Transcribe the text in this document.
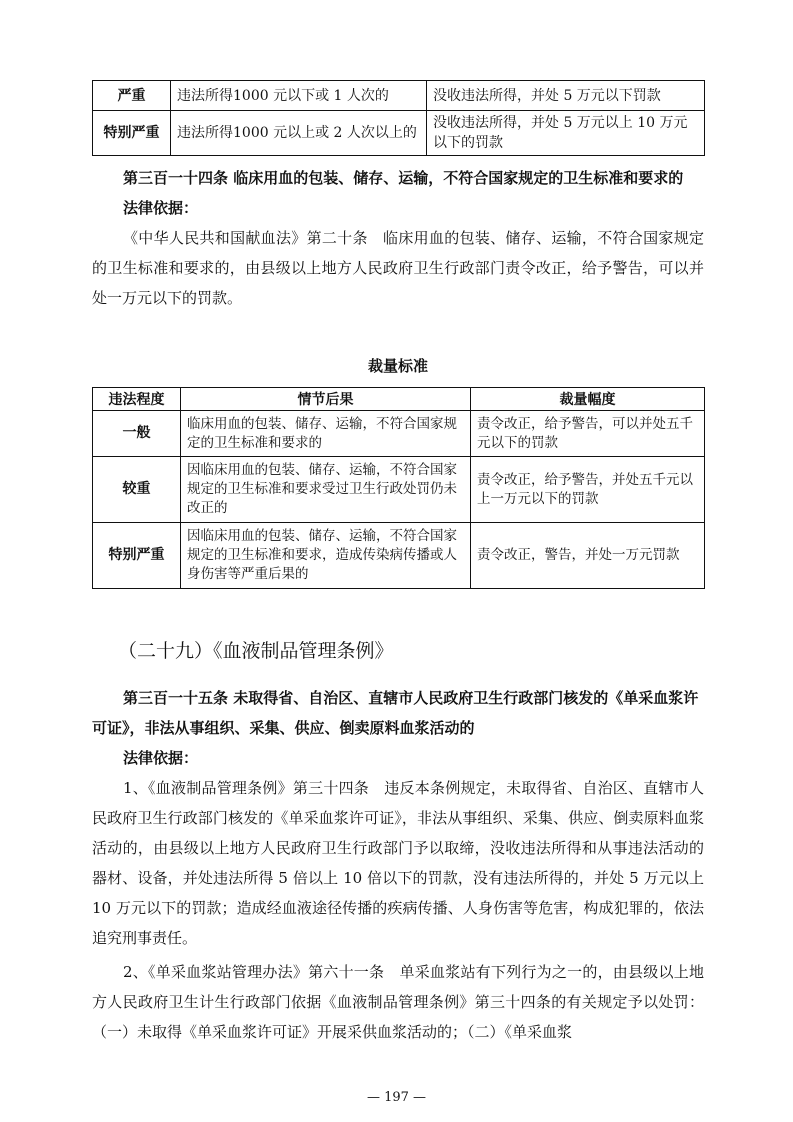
严重	违法所得1000 元以下或 1 人次的	没收违法所得，并处 5 万元以下罚款
特别严重	违法所得1000 元以上或 2 人次以上的	没收违法所得，并处 5 万元以上 10 万元以下的罚款
第三百一十四条 临床用血的包装、储存、运输，不符合国家规定的卫生标准和要求的
法律依据：
《中华人民共和国献血法》第二十条　临床用血的包装、储存、运输，不符合国家规定的卫生标准和要求的，由县级以上地方人民政府卫生行政部门责令改正，给予警告，可以并处一万元以下的罚款。
裁量标准
违法程度	情节后果	裁量幅度
一般	临床用血的包装、储存、运输，不符合国家规定的卫生标准和要求的	责令改正，给予警告，可以并处五千元以下的罚款
较重	因临床用血的包装、储存、运输，不符合国家规定的卫生标准和要求受过卫生行政处罚仍未改正的	责令改正，给予警告，并处五千元以上一万元以下的罚款
特别严重	因临床用血的包装、储存、运输，不符合国家规定的卫生标准和要求，造成传染病传播或人身伤害等严重后果的	责令改正，警告，并处一万元罚款
（二十九）《血液制品管理条例》
第三百一十五条 未取得省、自治区、直辖市人民政府卫生行政部门核发的《单采血浆许可证》，非法从事组织、采集、供应、倒卖原料血浆活动的
法律依据：
1、《血液制品管理条例》第三十四条　违反本条例规定，未取得省、自治区、直辖市人民政府卫生行政部门核发的《单采血浆许可证》，非法从事组织、采集、供应、倒卖原料血浆活动的，由县级以上地方人民政府卫生行政部门予以取缔，没收违法所得和从事违法活动的器材、设备，并处违法所得 5 倍以上 10 倍以下的罚款，没有违法所得的，并处 5 万元以上 10 万元以下的罚款；造成经血液途径传播的疾病传播、人身伤害等危害，构成犯罪的，依法追究刑事责任。
2、《单采血浆站管理办法》第六十一条　单采血浆站有下列行为之一的，由县级以上地方人民政府卫生计生行政部门依据《血液制品管理条例》第三十四条的有关规定予以处罚：（一）未取得《单采血浆许可证》开展采供血浆活动的；（二）《单采血浆
— 197 —
